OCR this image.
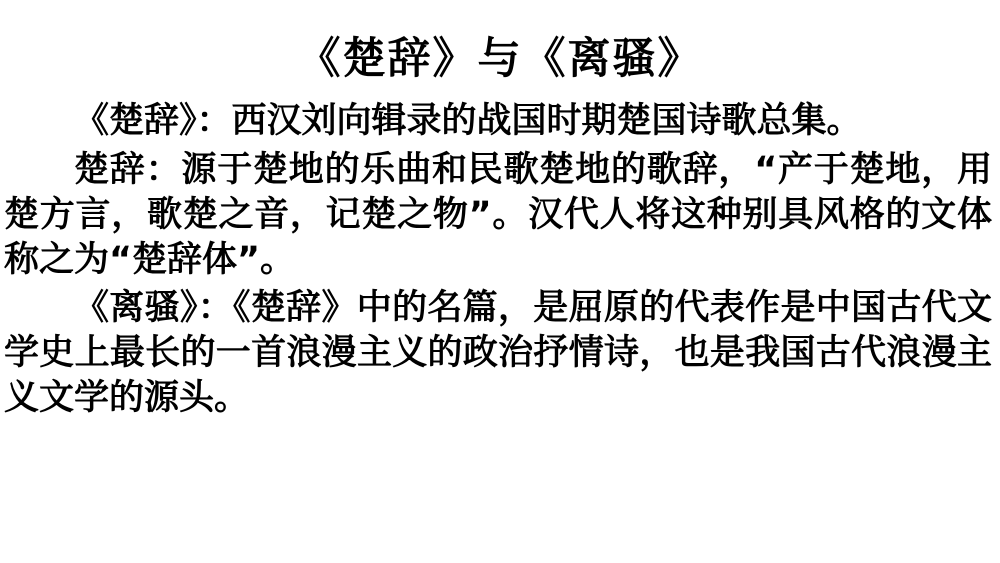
《楚辞》与《离骚》

《楚辞》：西汉刘向辑录的战国时期楚国诗歌总集。

楚辞：源于楚地的乐曲和民歌楚地的歌辞，“产于楚地，用楚方言，歌楚之音，记楚之物”。汉代人将这种别具风格的文体称之为“楚辞体”。

《离骚》：《楚辞》中的名篇，是屈原的代表作是中国古代文学史上最长的一首浪漫主义的政治抒情诗，也是我国古代浪漫主义文学的源头。
